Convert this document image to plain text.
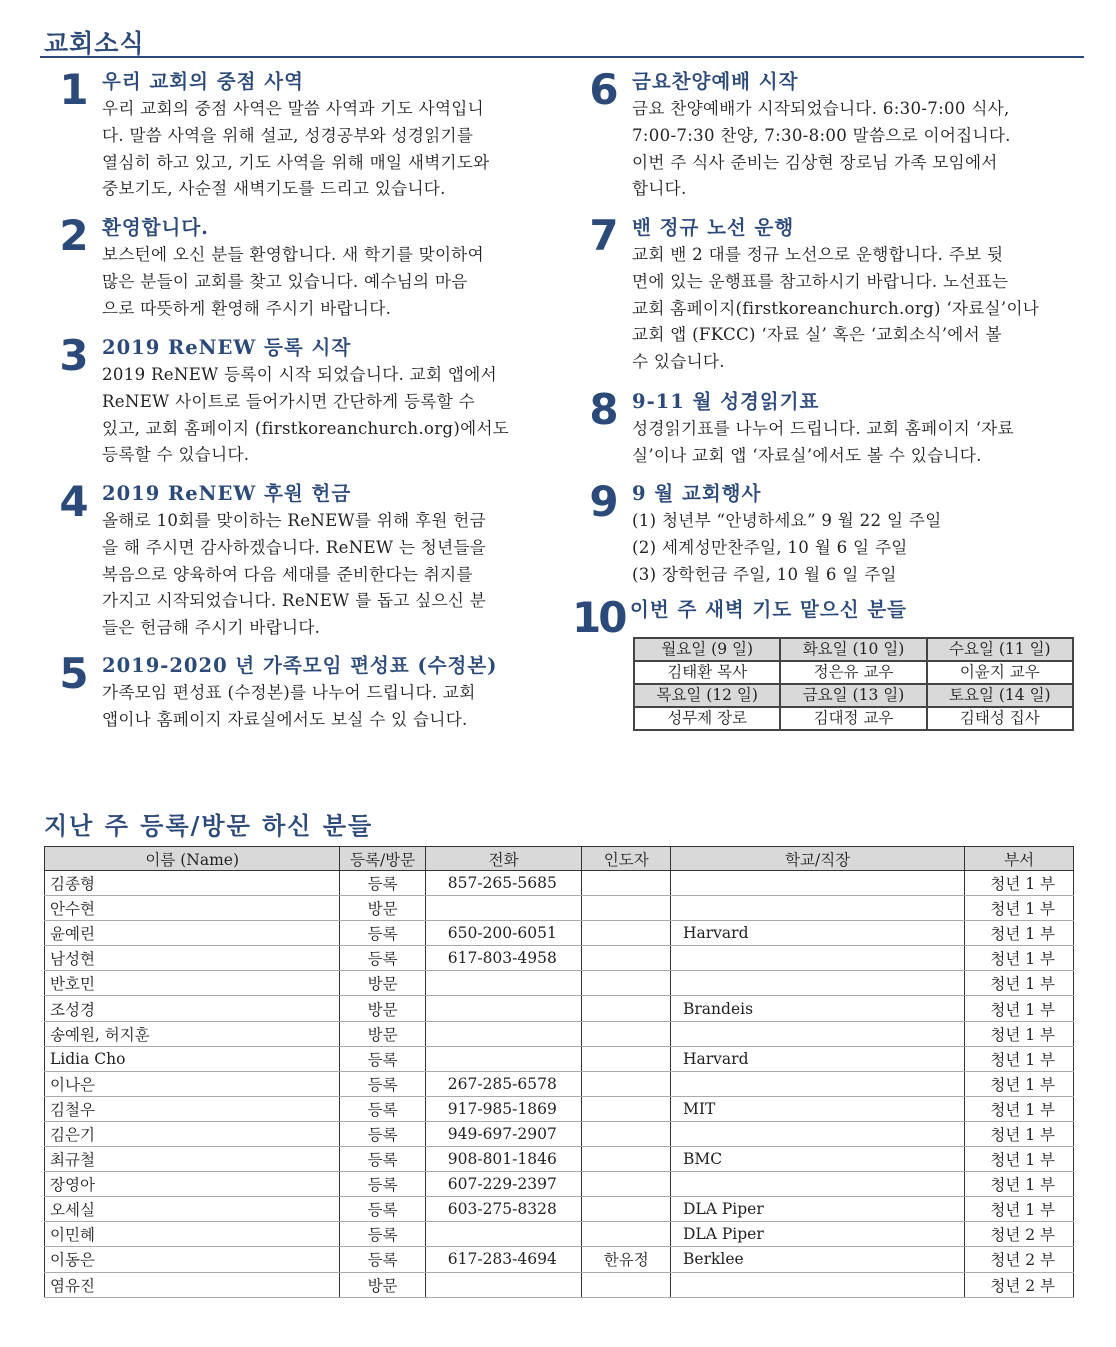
교회소식
1 우리 교회의 중점 사역
우리 교회의 중점 사역은 말씀 사역과 기도 사역입니
다. 말씀 사역을 위해 설교, 성경공부와 성경읽기를
열심히 하고 있고, 기도 사역을 위해 매일 새벽기도와
중보기도, 사순절 새벽기도를 드리고 있습니다.
2 환영합니다.
보스턴에 오신 분들 환영합니다. 새 학기를 맞이하여
많은 분들이 교회를 찾고 있습니다. 예수님의 마음
으로 따뜻하게 환영해 주시기 바랍니다.
3 2019 ReNEW 등록 시작
2019 ReNEW 등록이 시작 되었습니다. 교회 앱에서
ReNEW 사이트로 들어가시면 간단하게 등록할 수
있고, 교회 홈페이지 (firstkoreanchurch.org)에서도
등록할 수 있습니다.
4 2019 ReNEW 후원 헌금
올해로 10회를 맞이하는 ReNEW를 위해 후원 헌금
을 해 주시면 감사하겠습니다. ReNEW 는 청년들을
복음으로 양육하여 다음 세대를 준비한다는 취지를
가지고 시작되었습니다. ReNEW 를 돕고 싶으신 분
들은 헌금해 주시기 바랍니다.
5 2019-2020 년 가족모임 편성표 (수정본)
가족모임 편성표 (수정본)를 나누어 드립니다. 교회
앱이나 홈페이지 자료실에서도 보실 수 있 습니다.
6 금요찬양예배 시작
금요 찬양예배가 시작되었습니다. 6:30-7:00 식사,
7:00-7:30 찬양, 7:30-8:00 말씀으로 이어집니다.
이번 주 식사 준비는 김상현 장로님 가족 모임에서
합니다.
7 밴 정규 노선 운행
교회 밴 2 대를 정규 노선으로 운행합니다. 주보 뒷
면에 있는 운행표를 참고하시기 바랍니다. 노선표는
교회 홈페이지(firstkoreanchurch.org) ‘자료실’이나
교회 앱 (FKCC) ‘자료 실’ 혹은 ‘교회소식’에서 볼
수 있습니다.
8 9-11 월 성경읽기표
성경읽기표를 나누어 드립니다. 교회 홈페이지 ‘자료
실’이나 교회 앱 ‘자료실’에서도 볼 수 있습니다.
9 9 월 교회행사
(1) 청년부 “안녕하세요” 9 월 22 일 주일
(2) 세계성만찬주일, 10 월 6 일 주일
(3) 장학헌금 주일, 10 월 6 일 주일
10 이번 주 새벽 기도 맡으신 분들
월요일 (9 일)	화요일 (10 일)	수요일 (11 일)
김태환 목사	정은유 교우	이윤지 교우
목요일 (12 일)	금요일 (13 일)	토요일 (14 일)
성무제 장로	김대정 교우	김태성 집사
지난 주 등록/방문 하신 분들
이름 (Name)	등록/방문	전화	인도자	학교/직장	부서
김종형	등록	857-265-5685			청년 1 부
안수현	방문				청년 1 부
윤예린	등록	650-200-6051		Harvard	청년 1 부
남성현	등록	617-803-4958			청년 1 부
반호민	방문				청년 1 부
조성경	방문			Brandeis	청년 1 부
송예원, 허지훈	방문				청년 1 부
Lidia Cho	등록			Harvard	청년 1 부
이나은	등록	267-285-6578			청년 1 부
김철우	등록	917-985-1869		MIT	청년 1 부
김은기	등록	949-697-2907			청년 1 부
최규철	등록	908-801-1846		BMC	청년 1 부
장영아	등록	607-229-2397			청년 1 부
오세실	등록	603-275-8328		DLA Piper	청년 1 부
이민혜	등록			DLA Piper	청년 2 부
이동은	등록	617-283-4694	한유정	Berklee	청년 2 부
염유진	방문				청년 2 부
